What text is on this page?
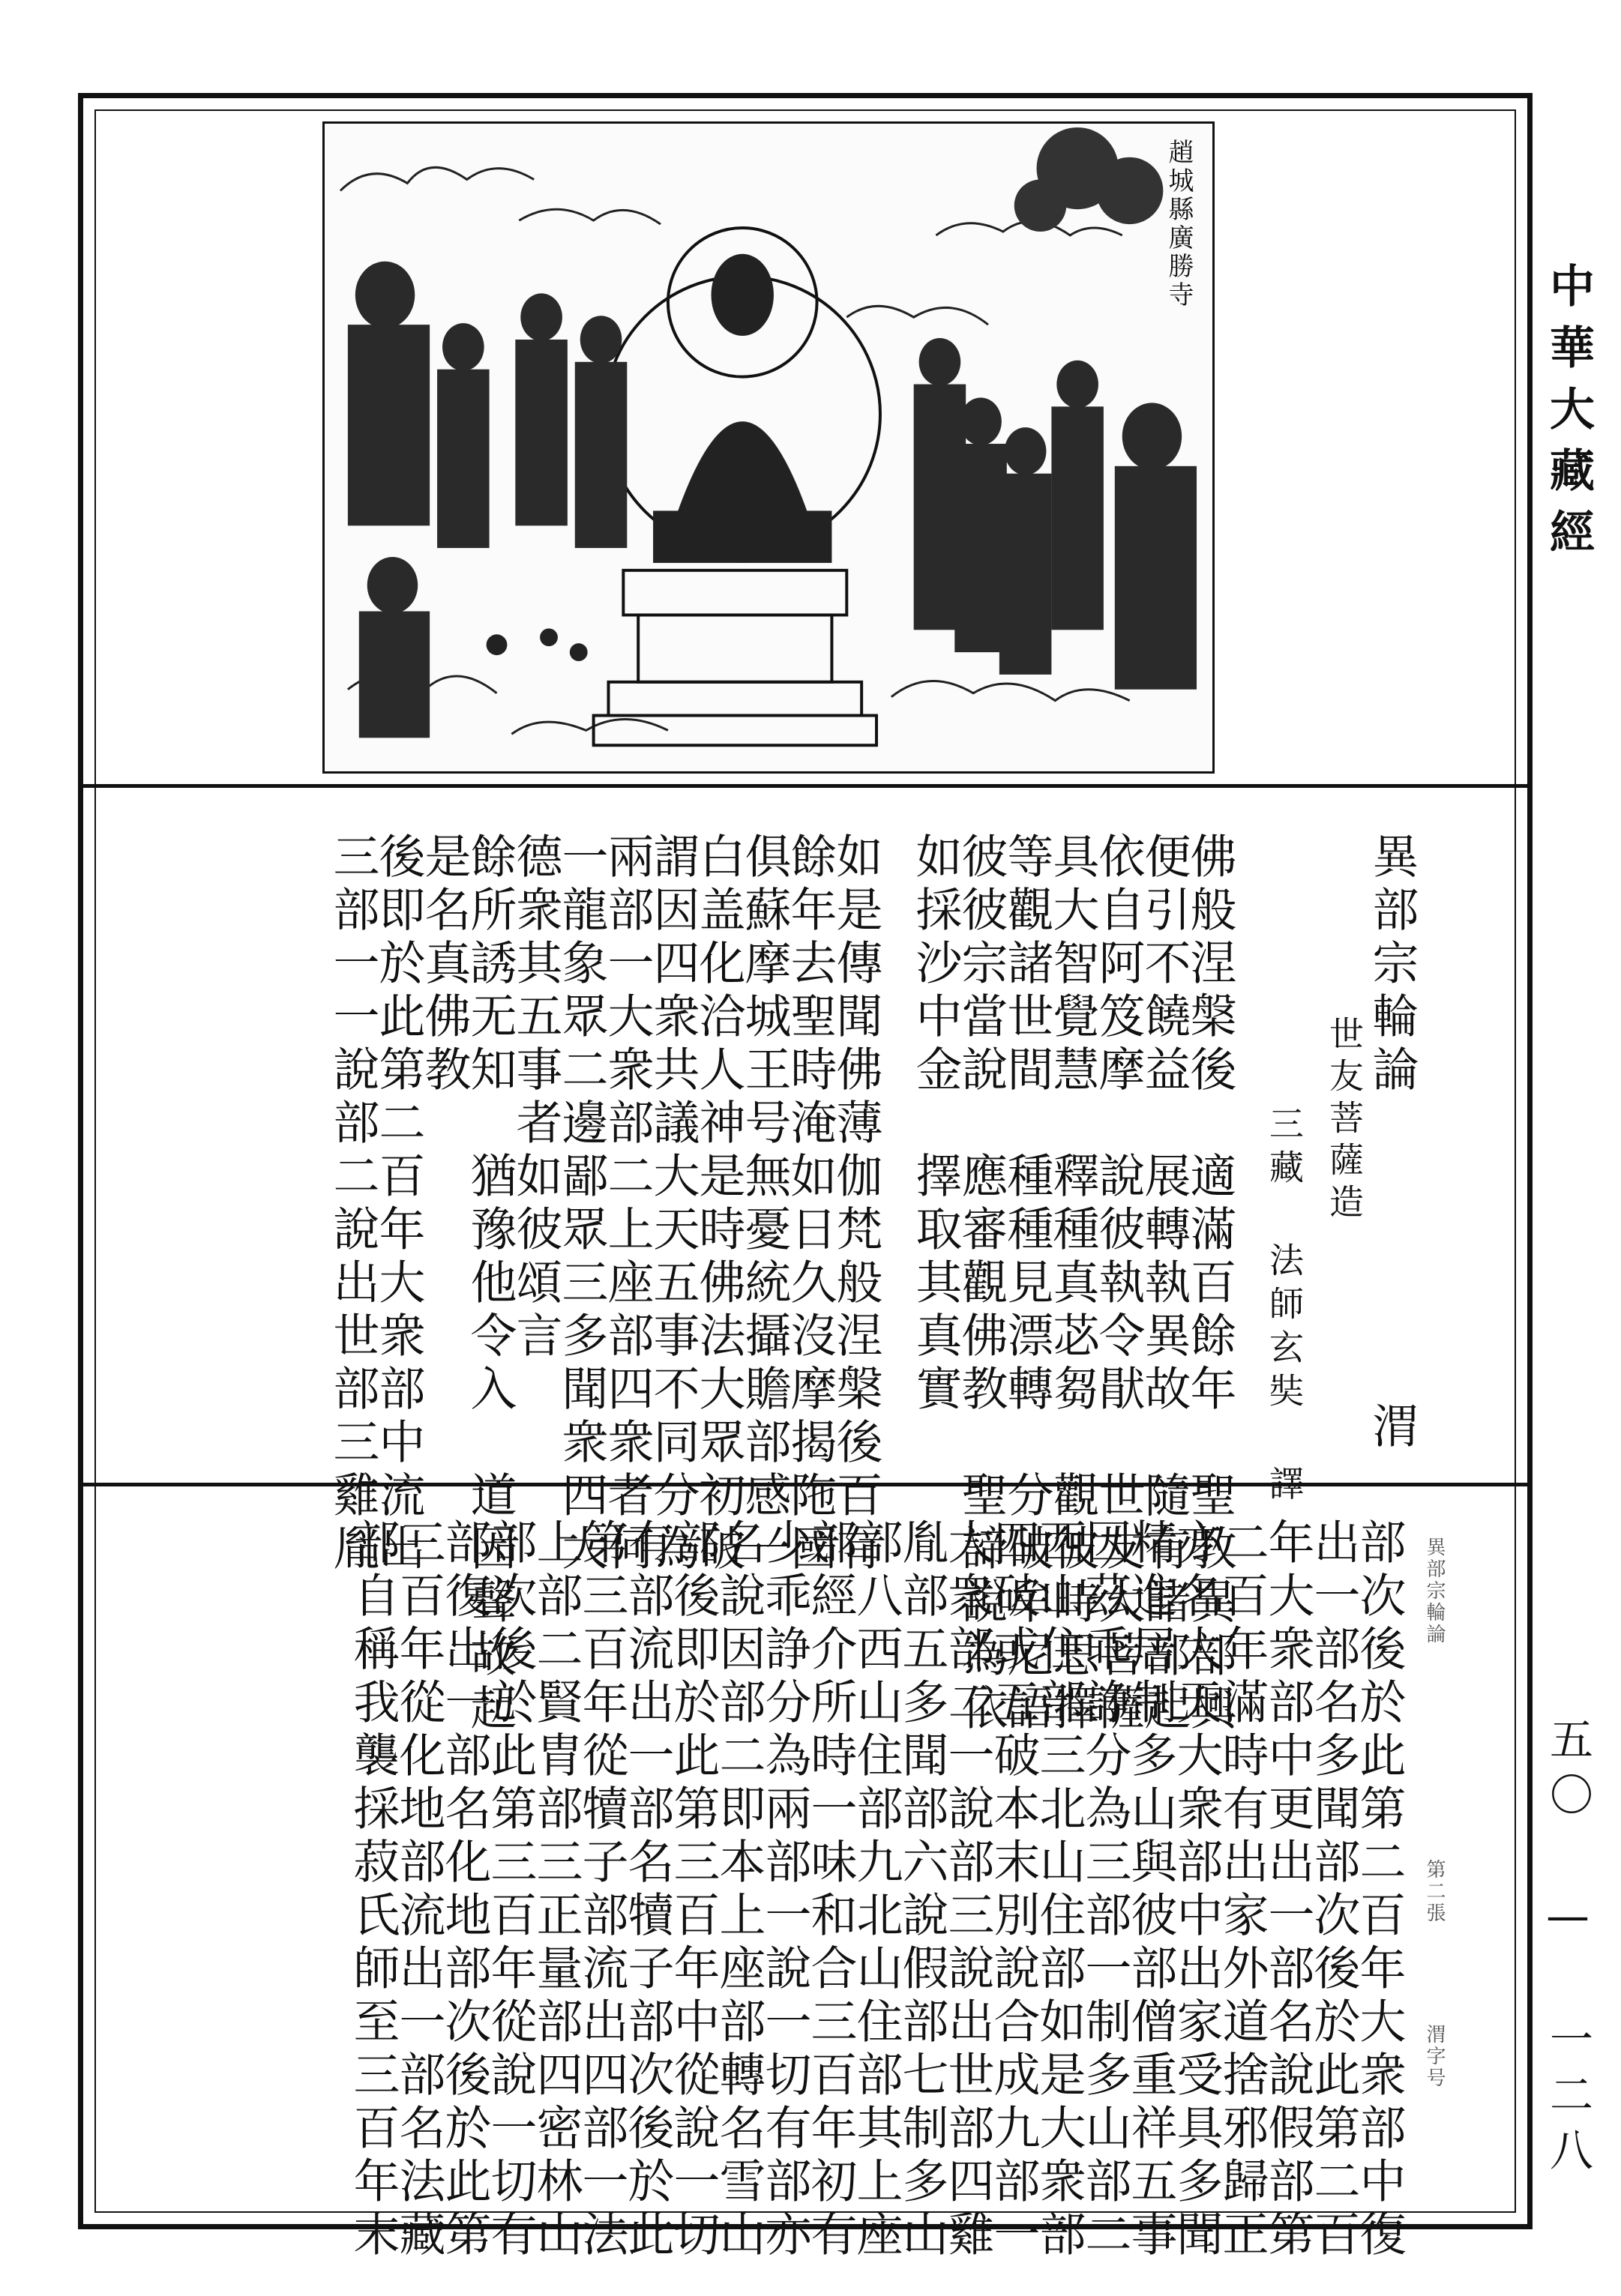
中華大藏經
五〇 — 一二八
趙城縣廣勝寺
異部宗輪論
世友菩薩造
三藏 法師玄奘 譯 渭
佛般涅槃後　適滿百餘年　聖教異部興
便引不饒益　展轉執異故　隨有諸部起
依自阿笈摩　說彼執令猒　世友大菩薩
具大智覺慧　釋種真苾芻　觀彼時思擇
等觀諸世間　種種見漂轉　分破牟尼語
彼彼宗當說　應審觀佛教　聖諦說為依
如採沙中金　擇取其真實
如是傳聞佛薄伽梵般涅槃後百有
餘年去聖時淹如日久沒摩揭陁國
俱蘇摩城王号無憂統攝贍部感一
白盖化洽人神是時佛法大眾初破
謂因四衆共議大天五事不同分為
兩部一大衆部二上座部四衆者何
一龍象眾二邊鄙眾三多聞衆四大
德衆其五事者如彼頌言
餘所誘无知　猶豫他令入　道因聲故起
是名真佛教
後即於此第二百年大衆部中流出
三部一一說部二說出世部三雞胤
異部宗輪論
第二張
渭字号
部次後於此第二百年大衆部中復
出一部名多聞部次後於此第二百
年大衆部中更出一部名說假部第
二百年滿時有出家外道捨邪歸正
亦名大天大衆部中出家受具多聞
精進居制多山與彼部僧重祥五事
因茲乖諍分為三部一制多山部二
西山住部三北山住部如是大衆部
四破或五破本末別說合成九部一
大衆部二一說部三說出世部四雞
胤部五多聞部六說假部七制多山
部八西山住部九北山住部其上座
部經介所時一味和合三百年初有
少乖諍分為兩部一說一切有部亦
名說因部二即本上座部轉名雪山
部後即於此第三百年中從說一切
有部流出一部名犢子部次後於此
第三百年從犢子部流出四部一法
上部二賢胄部三正量部四密林山
部次後於此第三百年從說一切有
部復出一部名化地部次後於此第
三百年從化地部流出一部名法藏
部自稱我襲採菽氏師至三百年末
